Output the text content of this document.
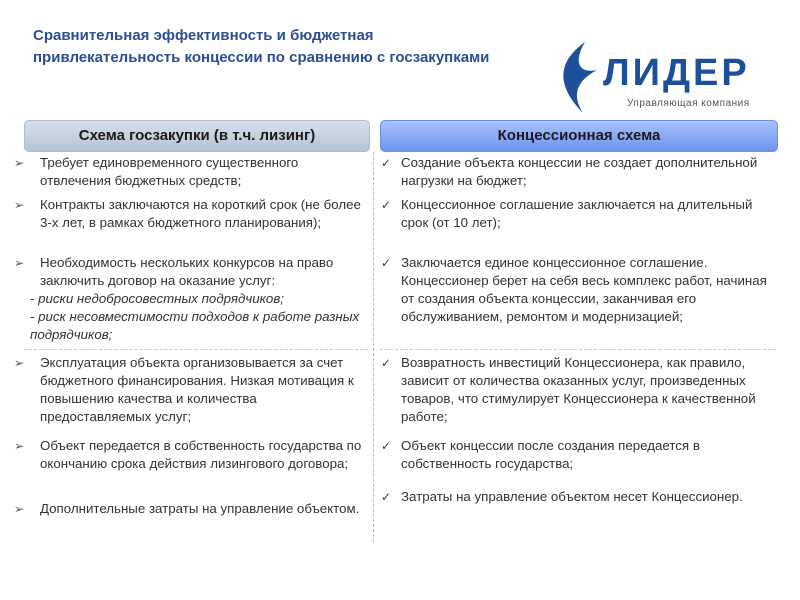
Сравнительная эффективность и бюджетная
привлекательность концессии по сравнению с госзакупками	ЛИДЕР
Управляющая компания
Схема госзакупки (в т.ч. лизинг)	Концессионная схема
➢ Требует единовременного существенного отвлечения бюджетных средств;
➢ Контракты заключаются на короткий срок (не более 3-х лет, в рамках бюджетного планирования);
➢ Необходимость нескольких конкурсов на право заключить договор на оказание услуг:
- риски недобросовестных подрядчиков;
- риск несовместимости подходов к работе разных подрядчиков;
➢ Эксплуатация объекта организовывается за счет бюджетного финансирования. Низкая мотивация к повышению качества и количества предоставляемых услуг;
➢ Объект передается в собственность государства по окончанию срока действия лизингового договора;
➢ Дополнительные затраты на управление объектом.
✓ Создание объекта концессии не создает дополнительной нагрузки на бюджет;
✓ Концессионное соглашение заключается на длительный срок (от 10 лет);
✓ Заключается единое концессионное соглашение. Концессионер берет на себя весь комплекс работ, начиная от создания объекта концессии, заканчивая его обслуживанием, ремонтом и модернизацией;
✓ Возвратность инвестиций Концессионера, как правило, зависит от количества оказанных услуг, произведенных товаров, что стимулирует Концессионера к качественной работе;
✓ Объект концессии после создания передается в собственность государства;
✓ Затраты на управление объектом несет Концессионер.
